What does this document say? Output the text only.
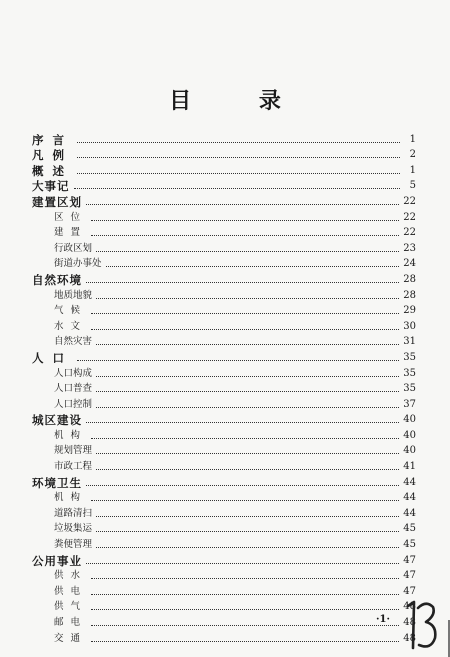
目 录
序言	1
凡例	2
概述	1
大事记	5
建置区划	22
区位	22
建置	22
行政区划	23
街道办事处	24
自然环境	28
地质地貌	28
气候	29
水文	30
自然灾害	31
人口	35
人口构成	35
人口普查	35
人口控制	37
城区建设	40
机构	40
规划管理	40
市政工程	41
环境卫生	44
机构	44
道路清扫	44
垃圾集运	45
粪便管理	45
公用事业	47
供水	47
供电	47
供气	48
邮电	48
交通	48
·1·
